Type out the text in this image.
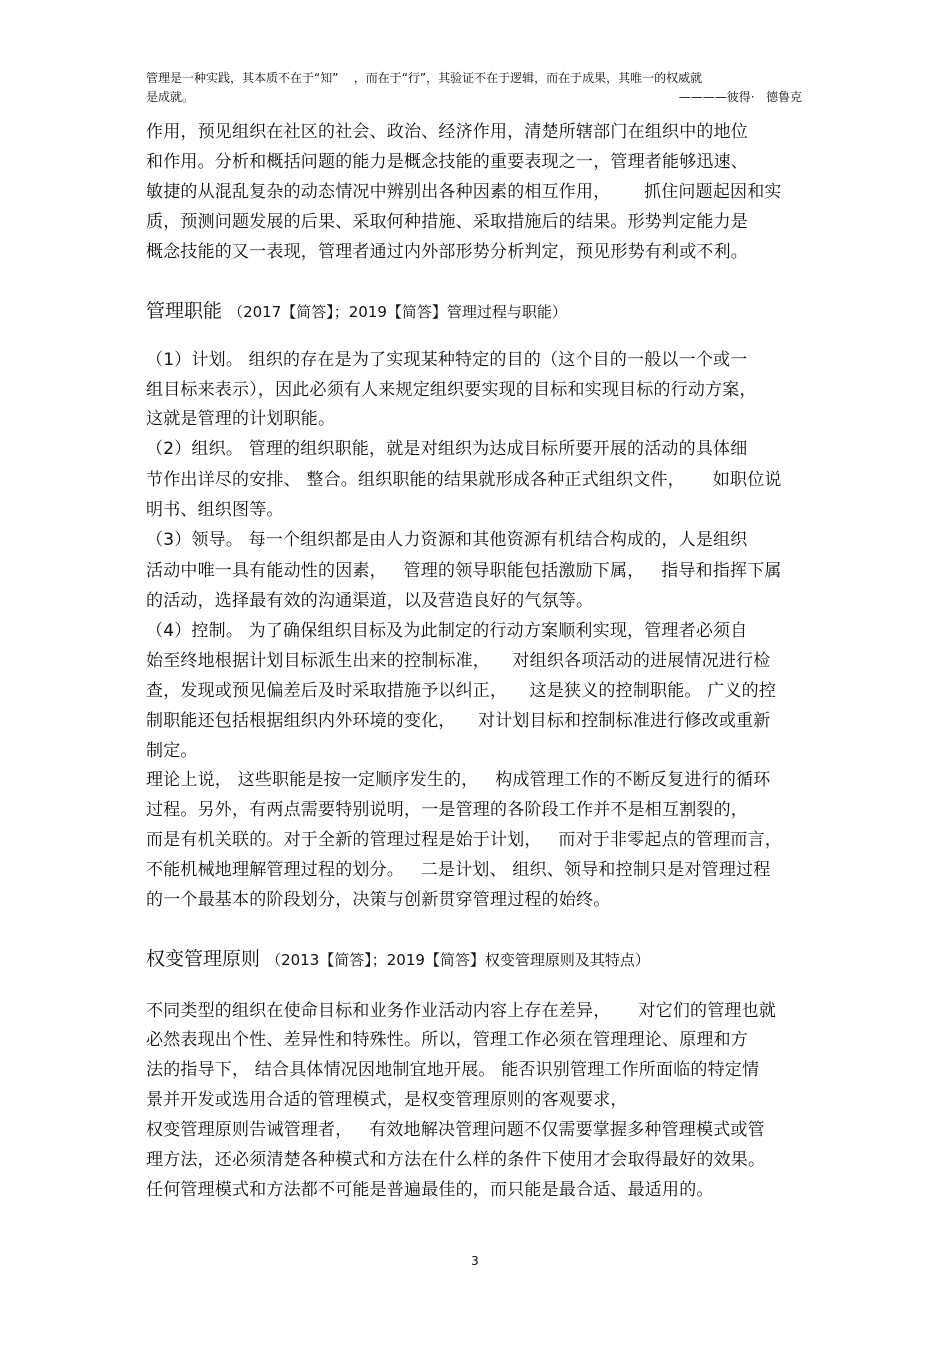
管理是一种实践，其本质不在于“知”    ，而在于“行”，其验证不在于逻辑，而在于成果，其唯一的权威就
是成就。	————彼得·   德鲁克
作用，预见组织在社区的社会、政治、经济作用，清楚所辖部门在组织中的地位
和作用。分析和概括问题的能力是概念技能的重要表现之一，管理者能够迅速、
敏捷的从混乱复杂的动态情况中辨别出各种因素的相互作用，      抓住问题起因和实
质，预测问题发展的后果、采取何种措施、采取措施后的结果。形势判定能力是
概念技能的又一表现，管理者通过内外部形势分析判定，预见形势有利或不利。
管理职能 （2017【简答】；2019【简答】管理过程与职能）
（1）计划。 组织的存在是为了实现某种特定的目的（这个目的一般以一个或一
组目标来表示），因此必须有人来规定组织要实现的目标和实现目标的行动方案，
这就是管理的计划职能。
（2）组织。 管理的组织职能，就是对组织为达成目标所要开展的活动的具体细
节作出详尽的安排、 整合。组织职能的结果就形成各种正式组织文件，     如职位说
明书、组织图等。
（3）领导。 每一个组织都是由人力资源和其他资源有机结合构成的，人是组织
活动中唯一具有能动性的因素，   管理的领导职能包括激励下属，   指导和指挥下属
的活动，选择最有效的沟通渠道，以及营造良好的气氛等。
（4）控制。 为了确保组织目标及为此制定的行动方案顺利实现，管理者必须自
始至终地根据计划目标派生出来的控制标准，    对组织各项活动的进展情况进行检
查，发现或预见偏差后及时采取措施予以纠正，    这是狭义的控制职能。 广义的控
制职能还包括根据组织内外环境的变化，    对计划目标和控制标准进行修改或重新
制定。
理论上说， 这些职能是按一定顺序发生的，   构成管理工作的不断反复进行的循环
过程。另外，有两点需要特别说明，一是管理的各阶段工作并不是相互割裂的，
而是有机关联的。对于全新的管理过程是始于计划，   而对于非零起点的管理而言，
不能机械地理解管理过程的划分。   二是计划、 组织、领导和控制只是对管理过程
的一个最基本的阶段划分，决策与创新贯穿管理过程的始终。
权变管理原则 （2013【简答】；2019【简答】权变管理原则及其特点）
不同类型的组织在使命目标和业务作业活动内容上存在差异，     对它们的管理也就
必然表现出个性、差异性和特殊性。所以，管理工作必须在管理理论、原理和方
法的指导下， 结合具体情况因地制宜地开展。 能否识别管理工作所面临的特定情
景并开发或选用合适的管理模式，是权变管理原则的客观要求，
权变管理原则告诫管理者，   有效地解决管理问题不仅需要掌握多种管理模式或管
理方法，还必须清楚各种模式和方法在什么样的条件下使用才会取得最好的效果。
任何管理模式和方法都不可能是普遍最佳的，而只能是最合适、最适用的。
3
